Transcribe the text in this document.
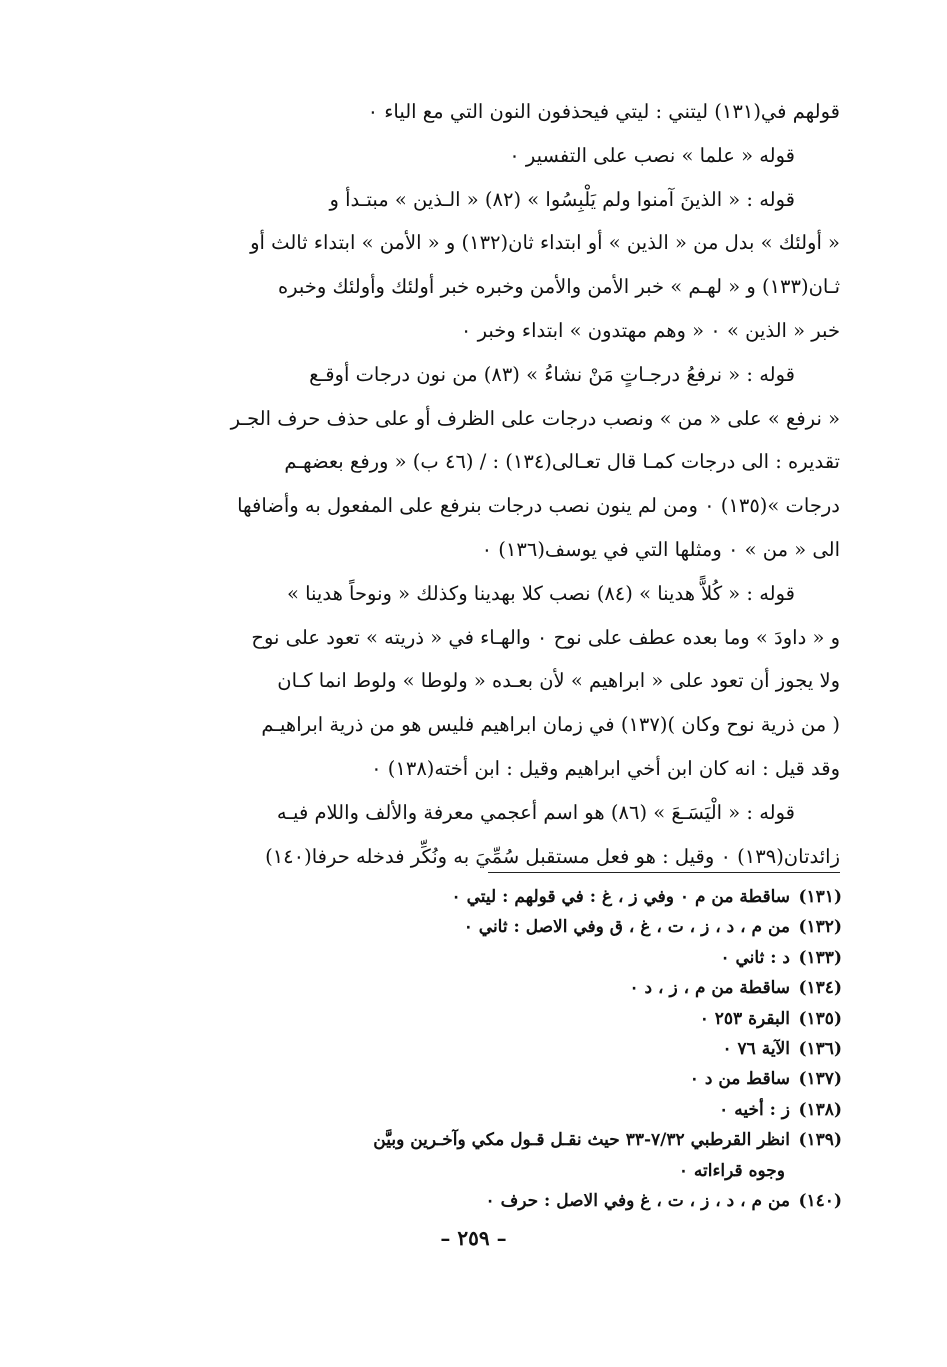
قولهم في(١٣١) ليتني : ليتي فيحذفون النون التي مع الياء ٠
قوله « علما » نصب على التفسير ٠
قوله : « الذينَ آمنوا ولم يَلْبِسُوا » (٨٢) « الـذين » مبتـدأ و
« أولئك » بدل من « الذين » أو ابتداء ثان(١٣٢) و « الأمن » ابتداء ثالث أو
ثـان(١٣٣) و « لهـم » خبر الأمن والأمن وخبره خبر أولئك وأولئك وخبره
خبر « الذين » ٠ « وهم مهتدون » ابتداء وخبر ٠
قوله : « نرفعُ درجـاتٍ مَنْ نشاءُ » (٨٣) من نون درجات أوقـع
« نرفع » على « من » ونصب درجات على الظرف أو على حذف حرف الجـر
تقديره : الى درجات كمـا قال تعـالى(١٣٤) : / (٤٦ ب) « ورفع بعضهـم
درجات »(١٣٥) ٠ ومن لم ينون نصب درجات بنرفع على المفعول به وأضافها
الى « من » ٠ ومثلها التي في يوسف(١٣٦) ٠
قوله : « كُلاًّ هدينا » (٨٤) نصب كلا بهدينا وكذلك « ونوحاً هدينا »
و « داودَ » وما بعده عطف على نوح ٠ والهـاء في « ذريته » تعود على نوح
ولا يجوز أن تعود على « ابراهيم » لأن بعـده « ولوطا » ولوط انما كـان
( من ذرية نوح وكان )(١٣٧) في زمان ابراهيم فليس هو من ذرية ابراهيـم
وقد قيل : انه كان ابن أخي ابراهيم وقيل : ابن أخته(١٣٨) ٠
قوله : « الْيَسَـعَ » (٨٦) هو اسم أعجمي معرفة والألف واللام فيـه
زائدتان(١٣٩) ٠ وقيل : هو فعل مستقبل سُمِّيَ به ونُكِّر فدخله حرفا(١٤٠)
(١٣١)ساقطة من م ٠ وفي ز ، غ : في قولهم : ليتي ٠
(١٣٢)من م ، د ، ز ، ت ، غ ، ق وفي الاصل : ثاني ٠
(١٣٣)د : ثاني ٠
(١٣٤)ساقطة من م ، ز ، د ٠
(١٣٥)البقرة ٢٥٣ ٠
(١٣٦)الآية ٧٦ ٠
(١٣٧)ساقط من د ٠
(١٣٨)ز : أخيه ٠
(١٣٩)انظر القرطبي ٧/٣٢-٣٣ حيث نقـل قـول مكي وآخـرين وبيَّن
وجوه قراءاته ٠
(١٤٠)من م ، د ، ز ، ت ، غ وفي الاصل : حرف ٠
– ٢٥٩ –
